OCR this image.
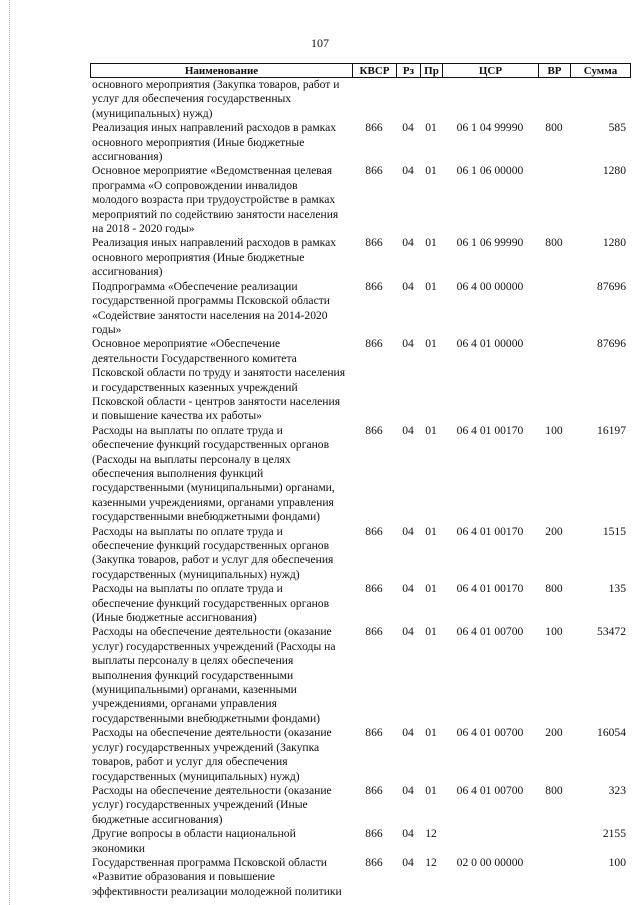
107
Наименование	КВСР	Рз	Пр	ЦСР	ВР	Сумма
основного мероприятия (Закупка товаров, работ и услуг для обеспечения государственных (муниципальных) нужд)						
Реализация иных направлений расходов в рамках основного мероприятия (Иные бюджетные ассигнования)	866	04	01	06 1 04 99990	800	585
Основное мероприятие «Ведомственная целевая программа «О сопровождении инвалидов молодого возраста при трудоустройстве в рамках мероприятий по содействию занятости населения на 2018 - 2020 годы»	866	04	01	06 1 06 00000		1280
Реализация иных направлений расходов в рамках основного мероприятия (Иные бюджетные ассигнования)	866	04	01	06 1 06 99990	800	1280
Подпрограмма «Обеспечение реализации государственной программы Псковской области «Содействие занятости населения на 2014-2020 годы»	866	04	01	06 4 00 00000		87696
Основное мероприятие «Обеспечение деятельности Государственного комитета Псковской области по труду и занятости населения и государственных казенных учреждений Псковской области - центров занятости населения и повышение качества их работы»	866	04	01	06 4 01 00000		87696
Расходы на выплаты по оплате труда и обеспечение функций государственных органов (Расходы на выплаты персоналу в целях обеспечения выполнения функций государственными (муниципальными) органами, казенными учреждениями, органами управления государственными внебюджетными фондами)	866	04	01	06 4 01 00170	100	16197
Расходы на выплаты по оплате труда и обеспечение функций государственных органов (Закупка товаров, работ и услуг для обеспечения государственных (муниципальных) нужд)	866	04	01	06 4 01 00170	200	1515
Расходы на выплаты по оплате труда и обеспечение функций государственных органов (Иные бюджетные ассигнования)	866	04	01	06 4 01 00170	800	135
Расходы на обеспечение деятельности (оказание услуг) государственных учреждений (Расходы на выплаты персоналу в целях обеспечения выполнения функций государственными (муниципальными) органами, казенными учреждениями, органами управления государственными внебюджетными фондами)	866	04	01	06 4 01 00700	100	53472
Расходы на обеспечение деятельности (оказание услуг) государственных учреждений (Закупка товаров, работ и услуг для обеспечения государственных (муниципальных) нужд)	866	04	01	06 4 01 00700	200	16054
Расходы на обеспечение деятельности (оказание услуг) государственных учреждений (Иные бюджетные ассигнования)	866	04	01	06 4 01 00700	800	323
Другие вопросы в области национальной экономики	866	04	12			2155
Государственная программа Псковской области «Развитие образования и повышение эффективности реализации молодежной политики	866	04	12	02 0 00 00000		100
